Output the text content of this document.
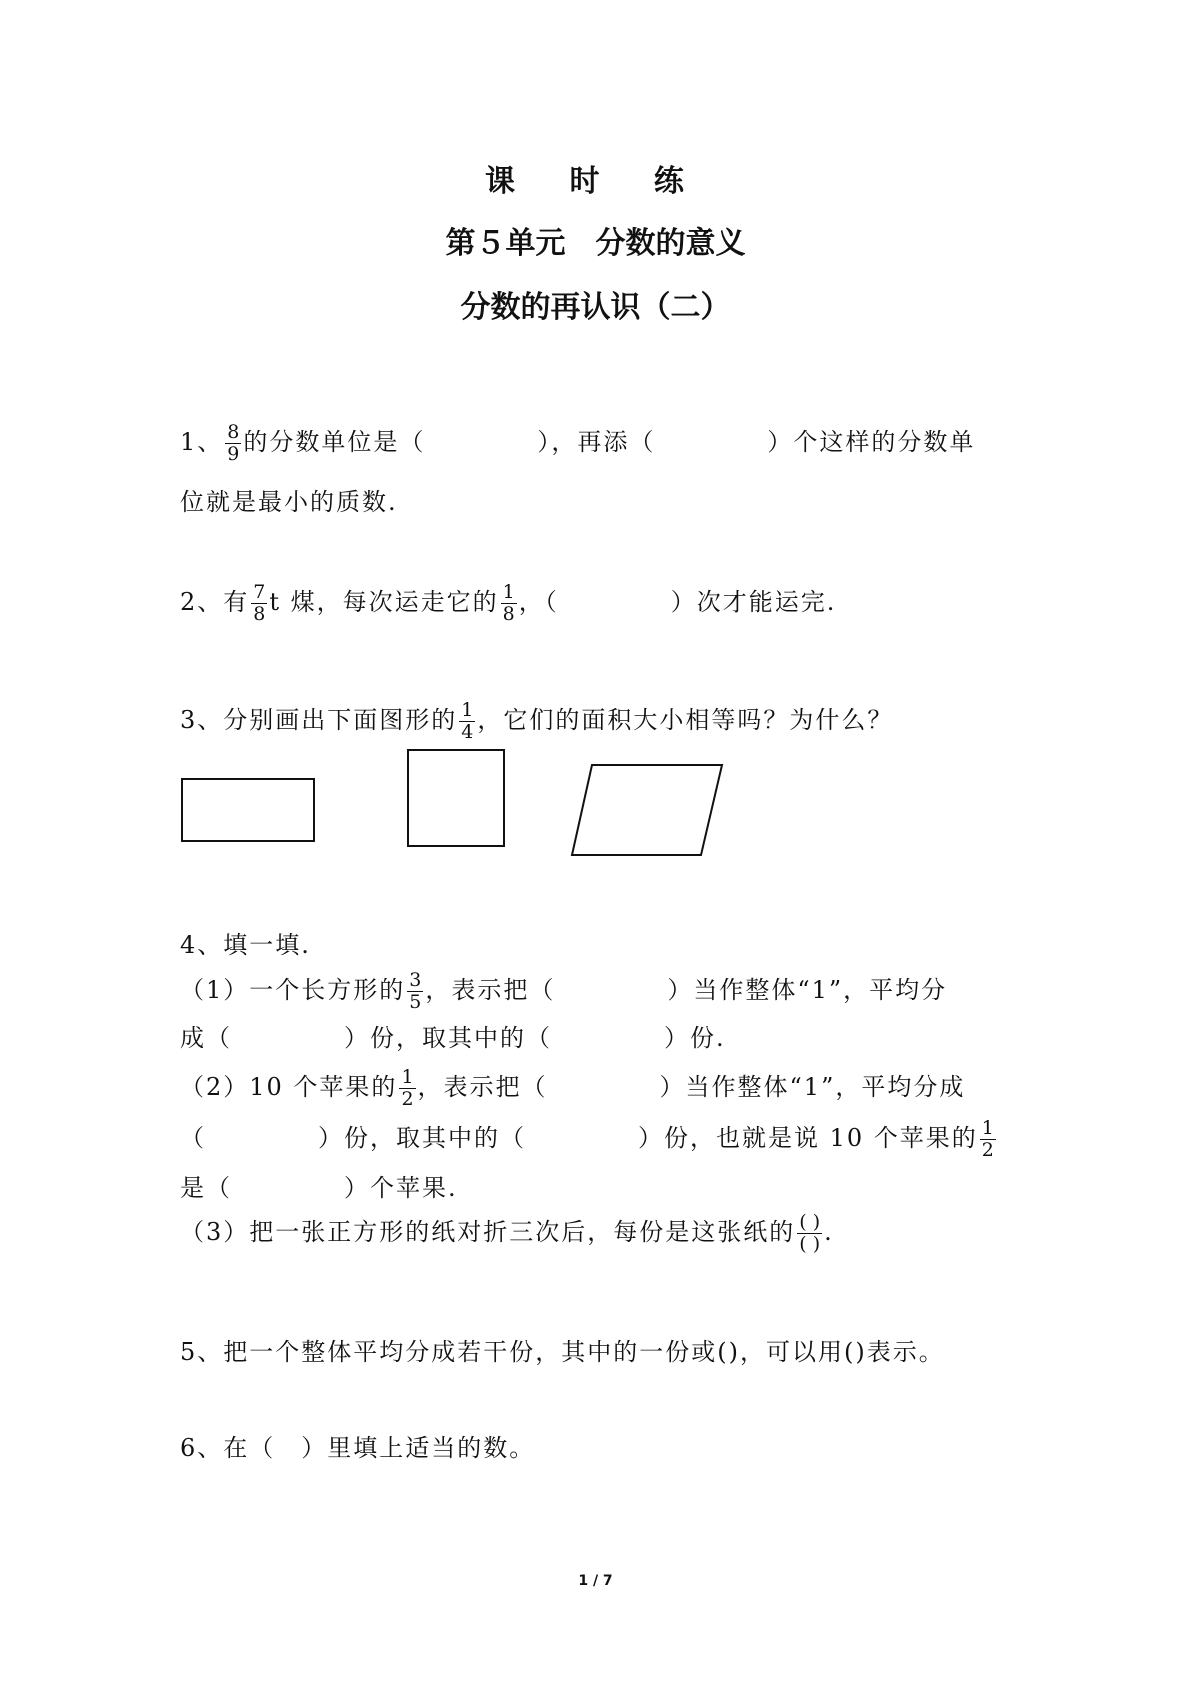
课 时 练
第５单元　分数的意义
分数的再认识（二）
1、 $\frac{8}{9}$ 的分数单位是（	），再添（	）个这样的分数单
位就是最小的质数.
2、有 $\frac{7}{8}$ t 煤，每次运走它的 $\frac{1}{8}$ ，（	）次才能运完.
3、分别画出下面图形的 $\frac{1}{4}$ ，它们的面积大小相等吗？为什么？
4、填一填.
（1）一个长方形的 $\frac{3}{5}$ ，表示把（	）当作整体“1”，平均分
成（	）份，取其中的（	）份.
（2）10 个苹果的 $\frac{1}{2}$ ，表示把（	）当作整体“1”，平均分成
（	）份，取其中的（	）份，也就是说 10 个苹果的 $\frac{1}{2}$
是（	）个苹果.
（3）把一张正方形的纸对折三次后，每份是这张纸的 $\frac{( )}{( )}$ .
5、把一个整体平均分成若干份，其中的一份或()，可以用()表示。
6、在（　）里填上适当的数。
1 / 7
